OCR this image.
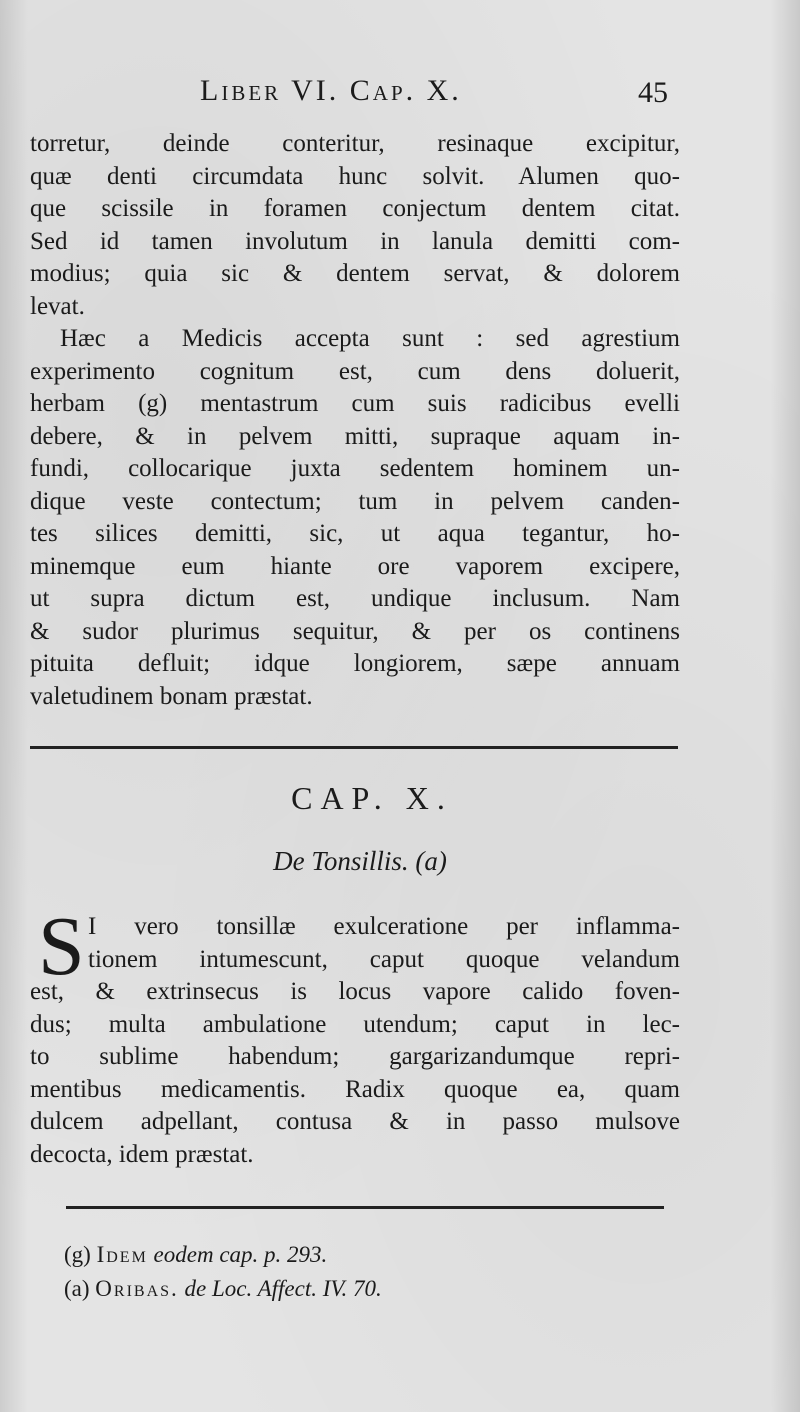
Liber VI. Cap. X.	45
torretur, deinde conteritur, resinaque excipitur,
quæ denti circumdata hunc solvit. Alumen quo-
que scissile in foramen conjectum dentem citat.
Sed id tamen involutum in lanula demitti com-
modius; quia sic & dentem servat, & dolorem
levat.
Hæc a Medicis accepta sunt : sed agrestium
experimento cognitum est, cum dens doluerit,
herbam (g) mentastrum cum suis radicibus evelli
debere, & in pelvem mitti, supraque aquam in-
fundi, collocarique juxta sedentem hominem un-
dique veste contectum; tum in pelvem canden-
tes silices demitti, sic, ut aqua tegantur, ho-
minemque eum hiante ore vaporem excipere,
ut supra dictum est, undique inclusum. Nam
& sudor plurimus sequitur, & per os continens
pituita defluit; idque longiorem, sæpe annuam
valetudinem bonam præstat.
CAP. X.
De Tonsillis. (a)
S I vero tonsillæ exulceratione per inflamma-
tionem intumescunt, caput quoque velandum
est, & extrinsecus is locus vapore calido foven-
dus; multa ambulatione utendum; caput in lec-
to sublime habendum; gargarizandumque repri-
mentibus medicamentis. Radix quoque ea, quam
dulcem adpellant, contusa & in passo mulsove
decocta, idem præstat.
(g) Idem eodem cap. p. 293.
(a) Oribas. de Loc. Affect. IV. 70.
